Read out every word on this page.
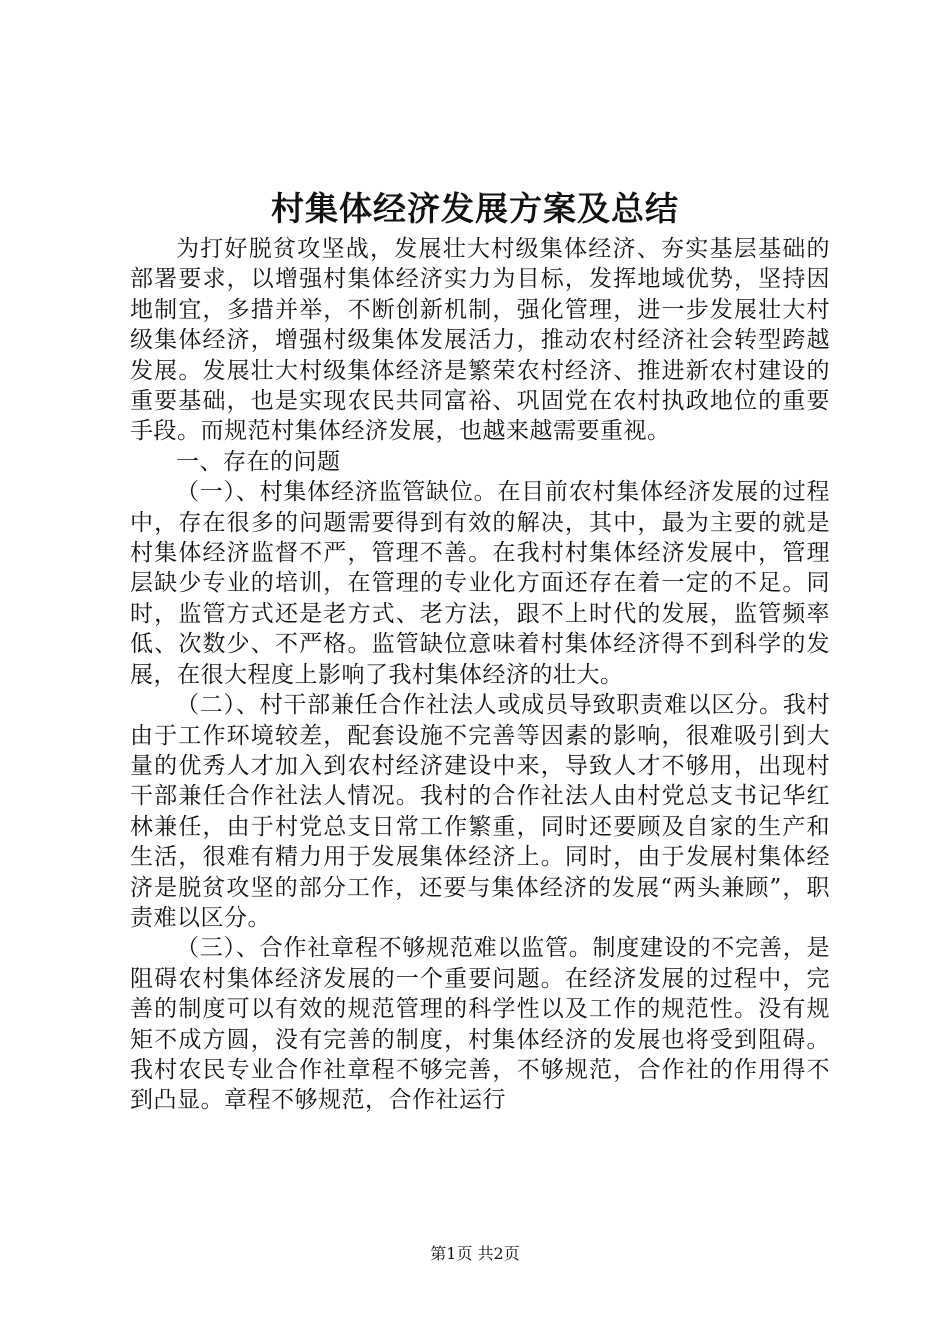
村集体经济发展方案及总结

为打好脱贫攻坚战，发展壮大村级集体经济、夯实基层基础的部署要求，以增强村集体经济实力为目标，发挥地域优势，坚持因地制宜，多措并举，不断创新机制，强化管理，进一步发展壮大村级集体经济，增强村级集体发展活力，推动农村经济社会转型跨越发展。发展壮大村级集体经济是繁荣农村经济、推进新农村建设的重要基础，也是实现农民共同富裕、巩固党在农村执政地位的重要手段。而规范村集体经济发展，也越来越需要重视。

一、存在的问题

（一）、村集体经济监管缺位。在目前农村集体经济发展的过程中，存在很多的问题需要得到有效的解决，其中，最为主要的就是村集体经济监督不严，管理不善。在我村村集体经济发展中，管理层缺少专业的培训，在管理的专业化方面还存在着一定的不足。同时，监管方式还是老方式、老方法，跟不上时代的发展，监管频率低、次数少、不严格。监管缺位意味着村集体经济得不到科学的发展，在很大程度上影响了我村集体经济的壮大。

（二）、村干部兼任合作社法人或成员导致职责难以区分。我村由于工作环境较差，配套设施不完善等因素的影响，很难吸引到大量的优秀人才加入到农村经济建设中来，导致人才不够用，出现村干部兼任合作社法人情况。我村的合作社法人由村党总支书记华红林兼任，由于村党总支日常工作繁重，同时还要顾及自家的生产和生活，很难有精力用于发展集体经济上。同时，由于发展村集体经济是脱贫攻坚的部分工作，还要与集体经济的发展“两头兼顾”，职责难以区分。

（三）、合作社章程不够规范难以监管。制度建设的不完善，是阻碍农村集体经济发展的一个重要问题。在经济发展的过程中，完善的制度可以有效的规范管理的科学性以及工作的规范性。没有规矩不成方圆，没有完善的制度，村集体经济的发展也将受到阻碍。我村农民专业合作社章程不够完善，不够规范，合作社的作用得不到凸显。章程不够规范，合作社运行

第1页 共2页
